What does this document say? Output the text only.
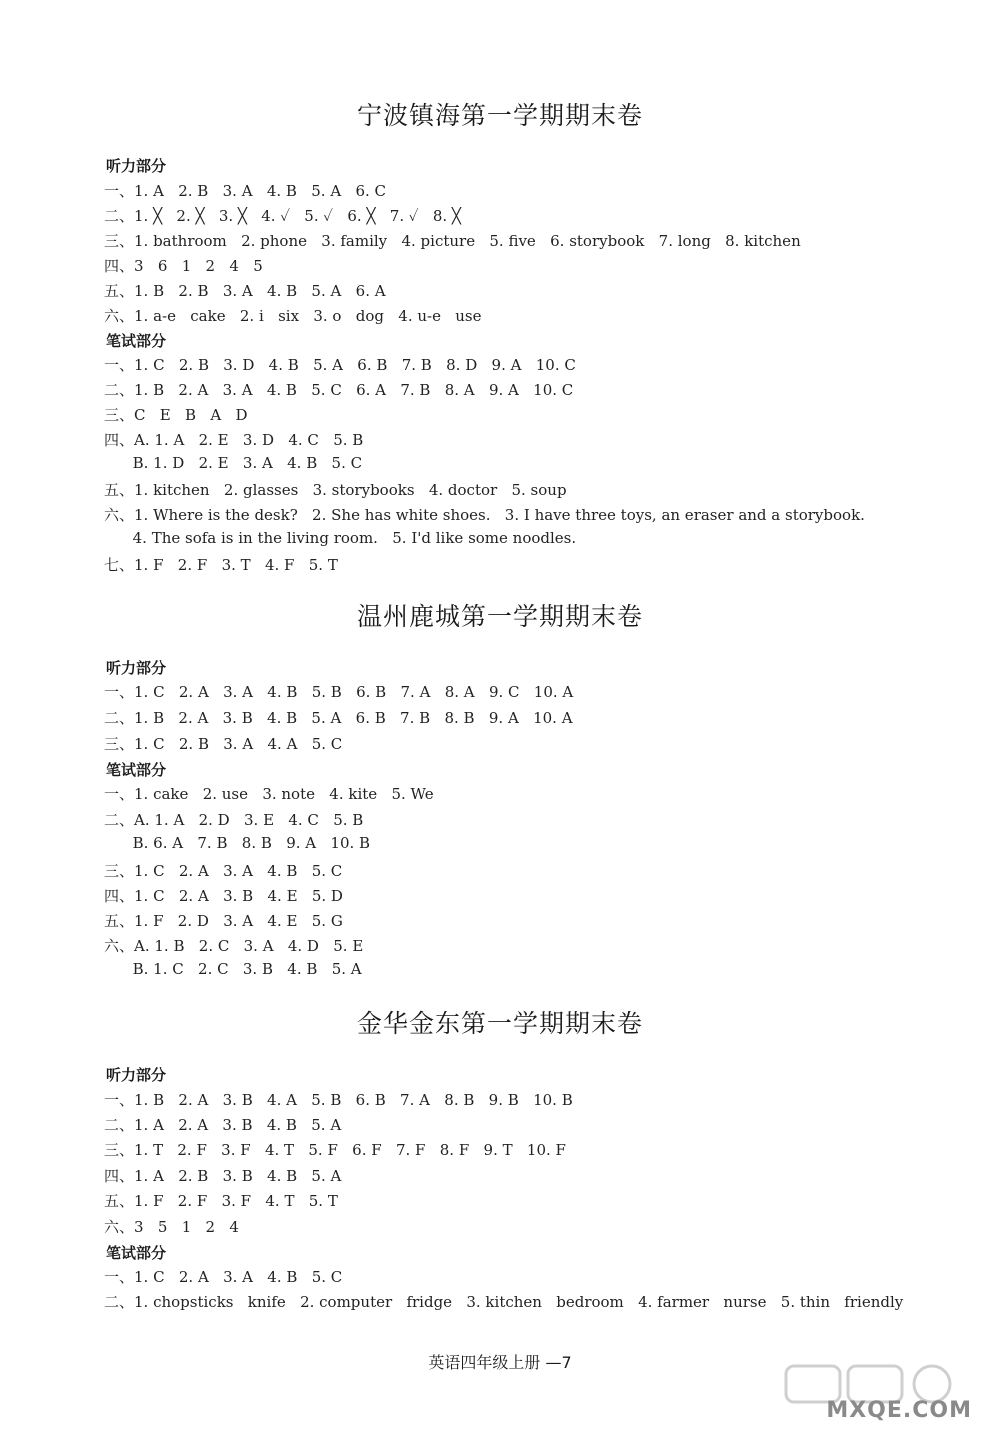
宁波镇海第一学期期末卷
听力部分
一、1. A   2. B   3. A   4. B   5. A   6. C
二、1. ╳   2. ╳   3. ╳   4. ✓   5. ✓   6. ╳   7. ✓   8. ╳
三、1. bathroom   2. phone   3. family   4. picture   5. five   6. storybook   7. long   8. kitchen
四、3   6   1   2   4   5
五、1. B   2. B   3. A   4. B   5. A   6. A
六、1. a-e   cake   2. i   six   3. o   dog   4. u-e   use
笔试部分
一、1. C   2. B   3. D   4. B   5. A   6. B   7. B   8. D   9. A   10. C
二、1. B   2. A   3. A   4. B   5. C   6. A   7. B   8. A   9. A   10. C
三、C   E   B   A   D
四、A. 1. A   2. E   3. D   4. C   5. B
B. 1. D   2. E   3. A   4. B   5. C
五、1. kitchen   2. glasses   3. storybooks   4. doctor   5. soup
六、1. Where is the desk?   2. She has white shoes.   3. I have three toys, an eraser and a storybook.
4. The sofa is in the living room.   5. I'd like some noodles.
七、1. F   2. F   3. T   4. F   5. T
温州鹿城第一学期期末卷
听力部分
一、1. C   2. A   3. A   4. B   5. B   6. B   7. A   8. A   9. C   10. A
二、1. B   2. A   3. B   4. B   5. A   6. B   7. B   8. B   9. A   10. A
三、1. C   2. B   3. A   4. A   5. C
笔试部分
一、1. cake   2. use   3. note   4. kite   5. We
二、A. 1. A   2. D   3. E   4. C   5. B
B. 6. A   7. B   8. B   9. A   10. B
三、1. C   2. A   3. A   4. B   5. C
四、1. C   2. A   3. B   4. E   5. D
五、1. F   2. D   3. A   4. E   5. G
六、A. 1. B   2. C   3. A   4. D   5. E
B. 1. C   2. C   3. B   4. B   5. A
金华金东第一学期期末卷
听力部分
一、1. B   2. A   3. B   4. A   5. B   6. B   7. A   8. B   9. B   10. B
二、1. A   2. A   3. B   4. B   5. A
三、1. T   2. F   3. F   4. T   5. F   6. F   7. F   8. F   9. T   10. F
四、1. A   2. B   3. B   4. B   5. A
五、1. F   2. F   3. F   4. T   5. T
六、3   5   1   2   4
笔试部分
一、1. C   2. A   3. A   4. B   5. C
二、1. chopsticks   knife   2. computer   fridge   3. kitchen   bedroom   4. farmer   nurse   5. thin   friendly
英语四年级上册 —7
MXQE.COM
